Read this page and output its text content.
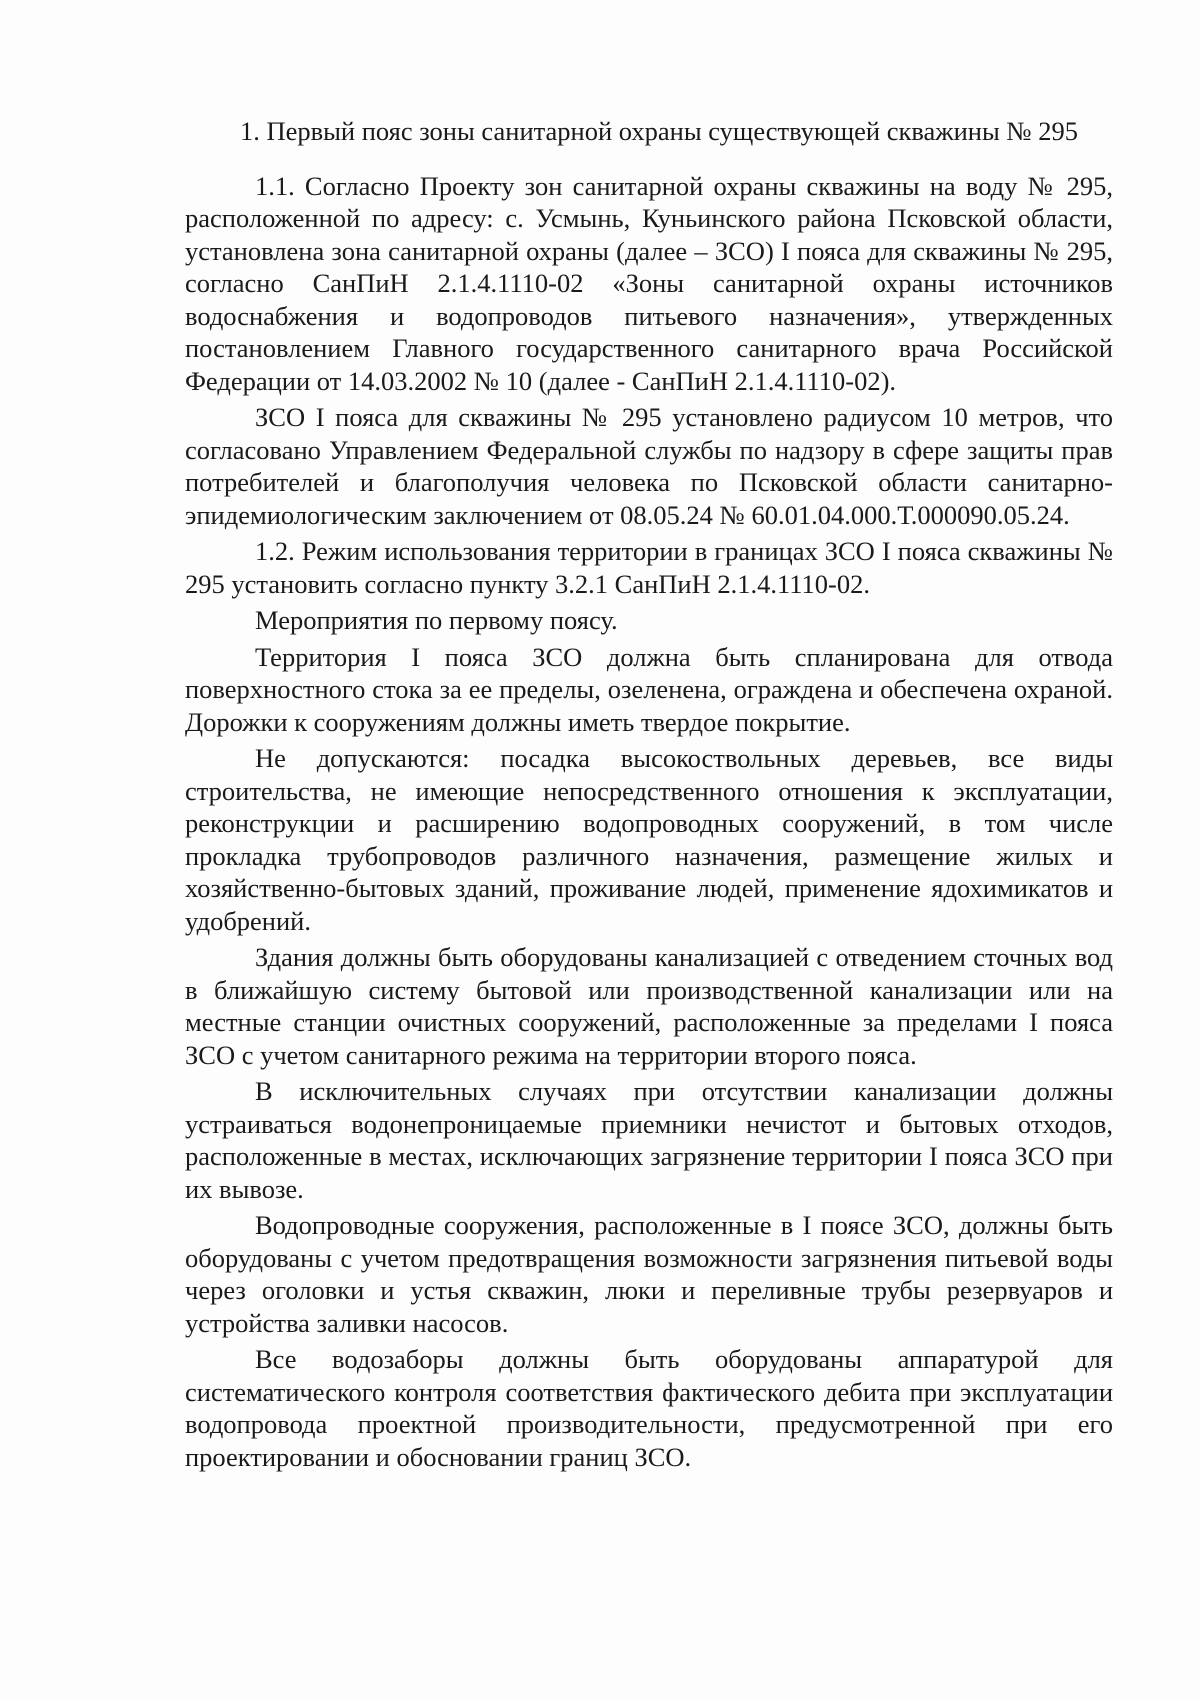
1. Первый пояс зоны санитарной охраны существующей скважины № 295

1.1. Согласно Проекту зон санитарной охраны скважины на воду № 295, расположенной по адресу: с. Усмынь, Куньинского района Псковской области, установлена зона санитарной охраны (далее – ЗСО) I пояса для скважины № 295, согласно СанПиН 2.1.4.1110-02 «Зоны санитарной охраны источников водоснабжения и водопроводов питьевого назначения», утвержденных постановлением Главного государственного санитарного врача Российской Федерации от 14.03.2002 № 10 (далее - СанПиН 2.1.4.1110-02).

ЗСО I пояса для скважины № 295 установлено радиусом 10 метров, что согласовано Управлением Федеральной службы по надзору в сфере защиты прав потребителей и благополучия человека по Псковской области санитарно-эпидемиологическим заключением от 08.05.24 № 60.01.04.000.Т.000090.05.24.

1.2. Режим использования территории в границах ЗСО I пояса скважины № 295 установить согласно пункту 3.2.1 СанПиН 2.1.4.1110-02.

Мероприятия по первому поясу.

Территория I пояса ЗСО должна быть спланирована для отвода поверхностного стока за ее пределы, озеленена, ограждена и обеспечена охраной. Дорожки к сооружениям должны иметь твердое покрытие.

Не допускаются: посадка высокоствольных деревьев, все виды строительства, не имеющие непосредственного отношения к эксплуатации, реконструкции и расширению водопроводных сооружений, в том числе прокладка трубопроводов различного назначения, размещение жилых и хозяйственно-бытовых зданий, проживание людей, применение ядохимикатов и удобрений.

Здания должны быть оборудованы канализацией с отведением сточных вод в ближайшую систему бытовой или производственной канализации или на местные станции очистных сооружений, расположенные за пределами I пояса ЗСО с учетом санитарного режима на территории второго пояса.

В исключительных случаях при отсутствии канализации должны устраиваться водонепроницаемые приемники нечистот и бытовых отходов, расположенные в местах, исключающих загрязнение территории I пояса ЗСО при их вывозе.

Водопроводные сооружения, расположенные в I поясе ЗСО, должны быть оборудованы с учетом предотвращения возможности загрязнения питьевой воды через оголовки и устья скважин, люки и переливные трубы резервуаров и устройства заливки насосов.

Все водозаборы должны быть оборудованы аппаратурой для систематического контроля соответствия фактического дебита при эксплуатации водопровода проектной производительности, предусмотренной при его проектировании и обосновании границ ЗСО.
